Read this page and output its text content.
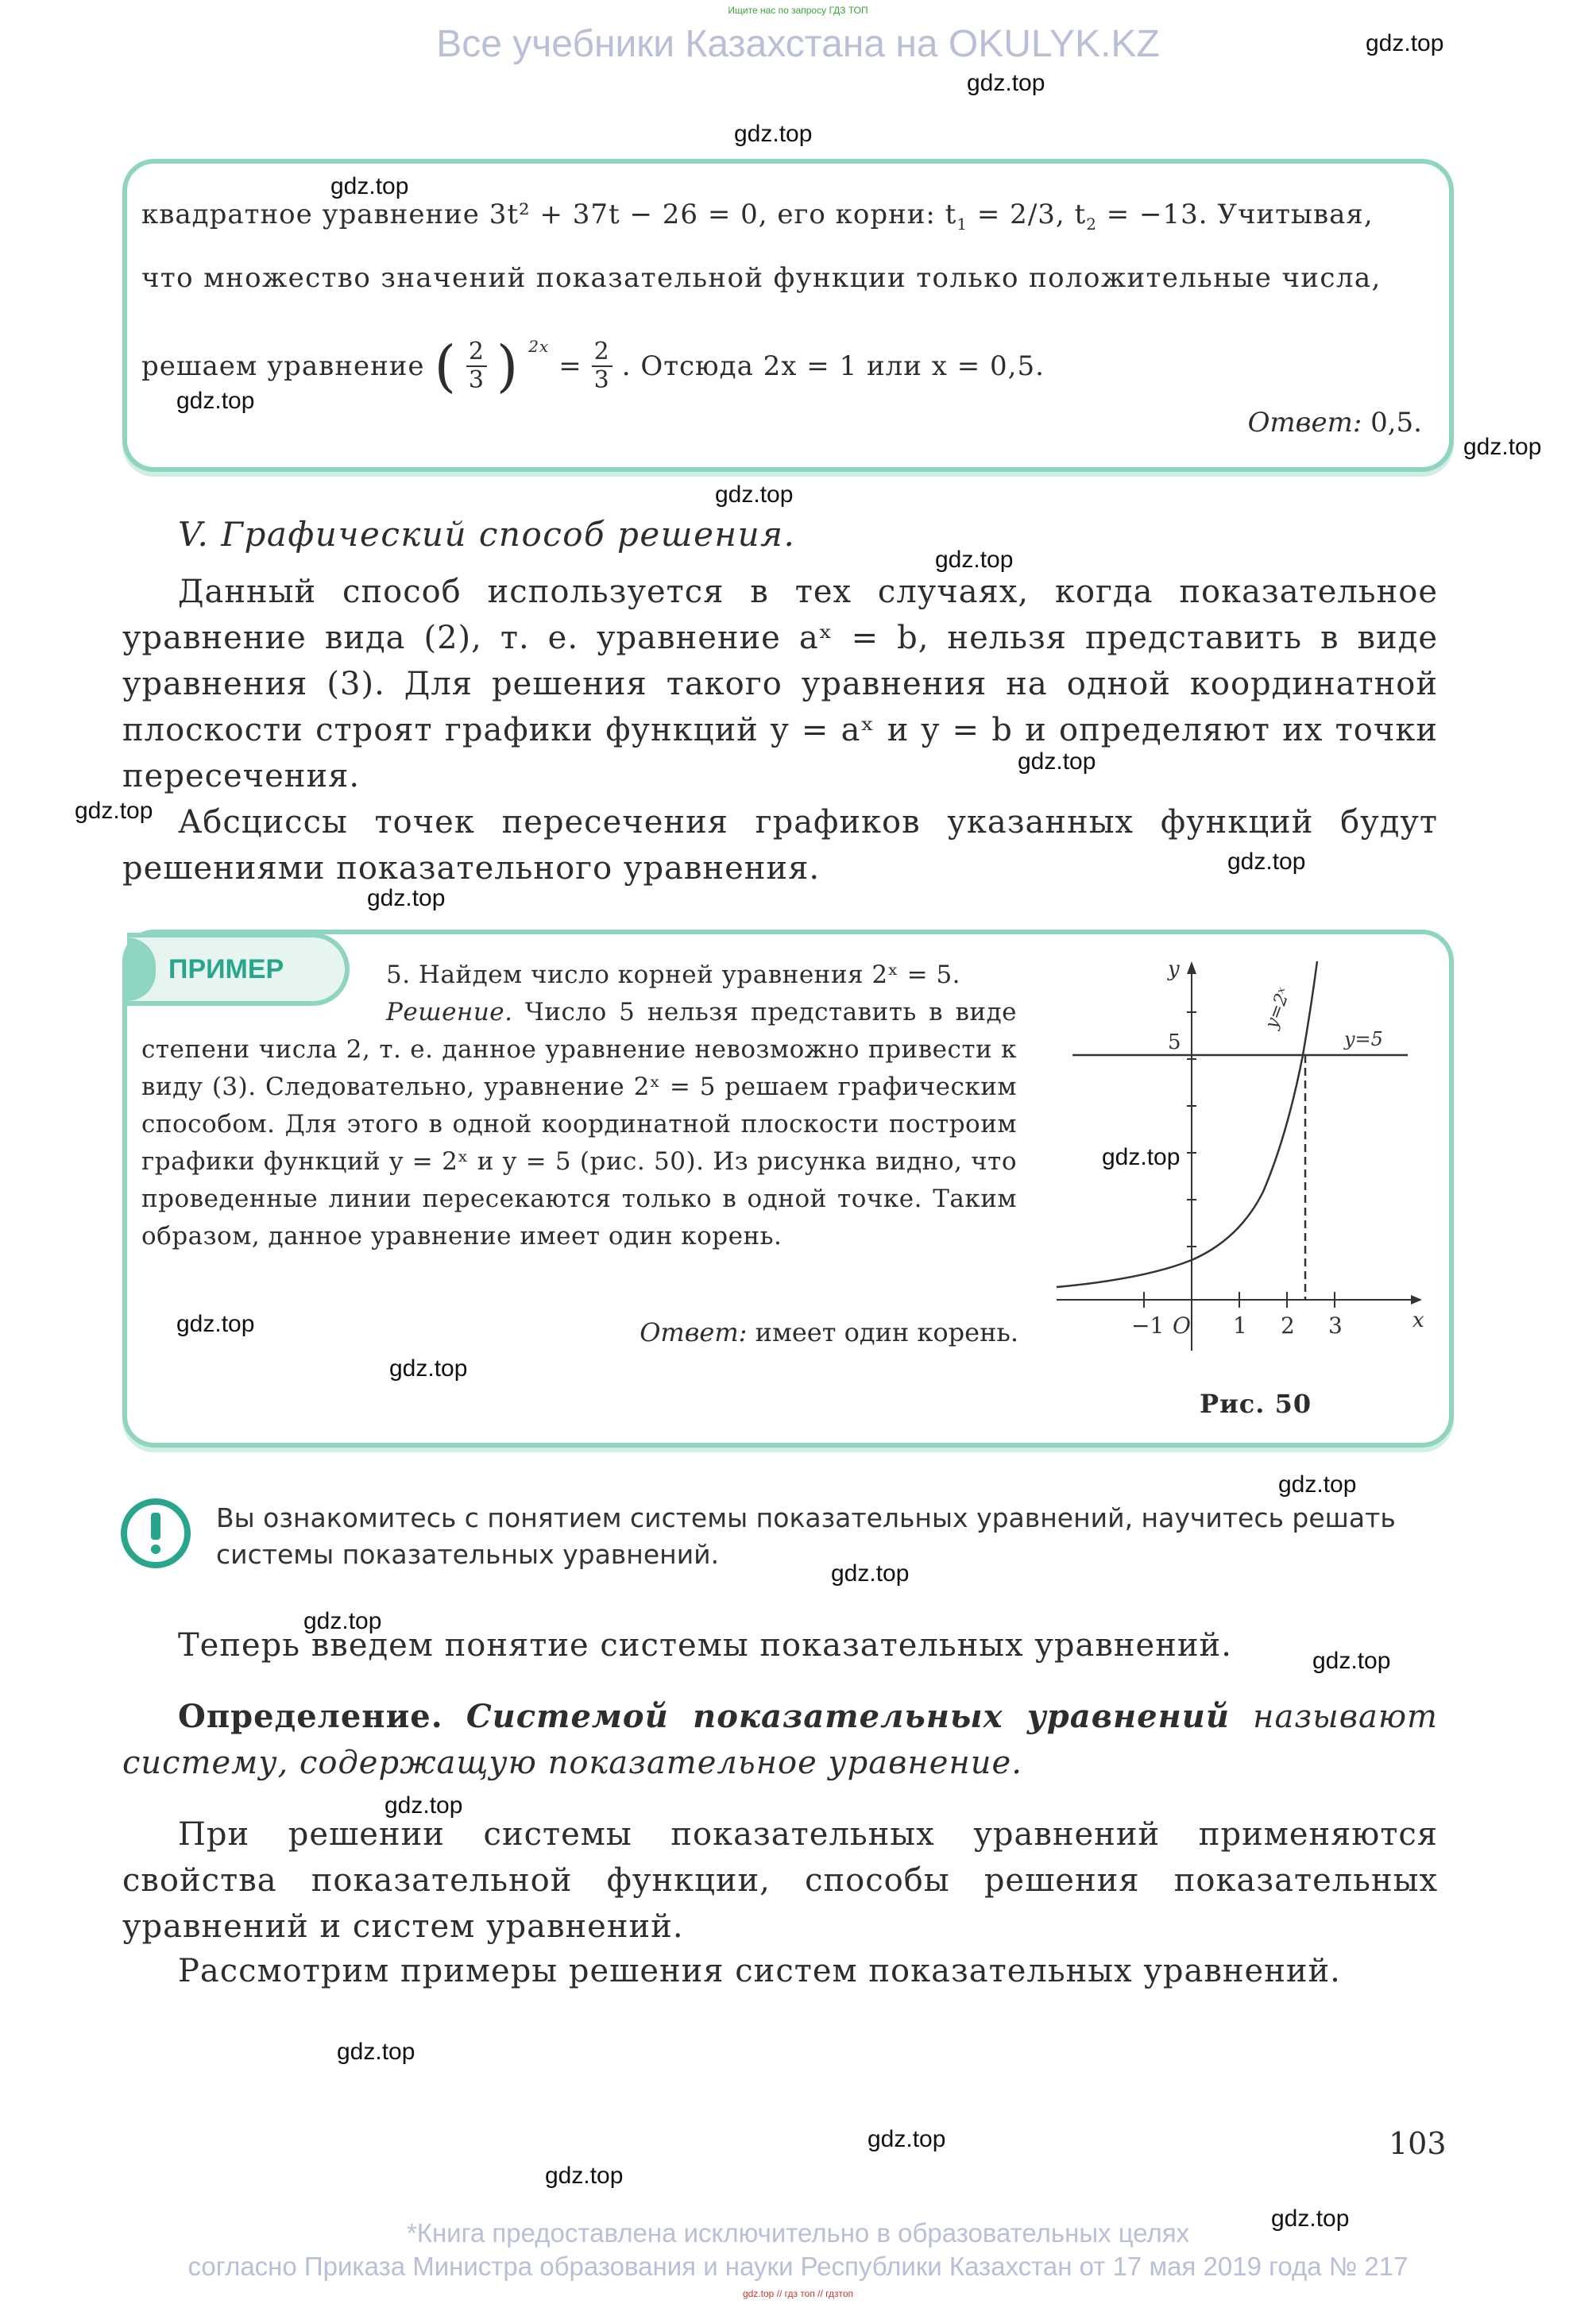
Ищите нас по запросу ГДЗ ТОП
Все учебники Казахстана на OKULYK.KZ	gdz.top
gdz.top
gdz.top
квадратное уравнение 3t² + 37t − 26 = 0, его корни: $t_1 = 2/3$, $t_2 = -13$. Учитывая,
что множество значений показательной функции только положительные числа,
решаем уравнение ( 2
3 ) $^{2x}$
= 2
3 . Отсюда 2x = 1 или x = 0,5.
Ответ: 0,5.
gdz.top
gdz.top
gdz.top
gdz.top
V. Графический способ решения.
gdz.top
Данный способ используется в тех случаях, когда показательное уравнение вида (2), т. е. уравнение aˣ = b, нельзя представить в виде уравнения (3). Для решения такого уравнения на одной координатной плоскости строят графики функций y = aˣ и y = b и определяют их точки пересечения.	gdz.top
gdz.top Абсциссы точек пересечения графиков указанных функций будут решениями показательного уравнения.	gdz.top
gdz.top
ПРИМЕР	5. Найдем число корней уравнения 2ˣ = 5.
Решение. Число 5 нельзя представить в виде степени числа 2, т. е. данное уравнение невозможно привести к виду (3). Следовательно, уравнение 2ˣ = 5 решаем графическим способом. Для этого в одной координатной плоскости построим графики функций y = 2ˣ и y = 5 (рис. 50). Из рисунка видно, что проведенные линии пересекаются только в одной точке. Таким образом, данное уравнение имеет один корень.
Ответ: имеет один корень.
gdz.top
gdz.top
y
x
5	y=5
y=2ˣ
−1 O 1 2 3
gdz.top
Рис. 50
gdz.top
Вы ознакомитесь с понятием системы показательных уравнений, научитесь решать системы показательных уравнений.
gdz.top
gdz.top
Теперь введем понятие системы показательных уравнений.	gdz.top
Определение. Системой показательных уравнений называют систему, содержащую показательное уравнение.
gdz.top
При решении системы показательных уравнений применяются свойства показательной функции, способы решения показательных уравнений и систем уравнений.
Рассмотрим примеры решения систем показательных уравнений.
gdz.top
gdz.top	103
gdz.top
gdz.top
*Книга предоставлена исключительно в образовательных целях
согласно Приказа Министра образования и науки Республики Казахстан от 17 мая 2019 года № 217
gdz.top // гдз топ // гдзтоп
